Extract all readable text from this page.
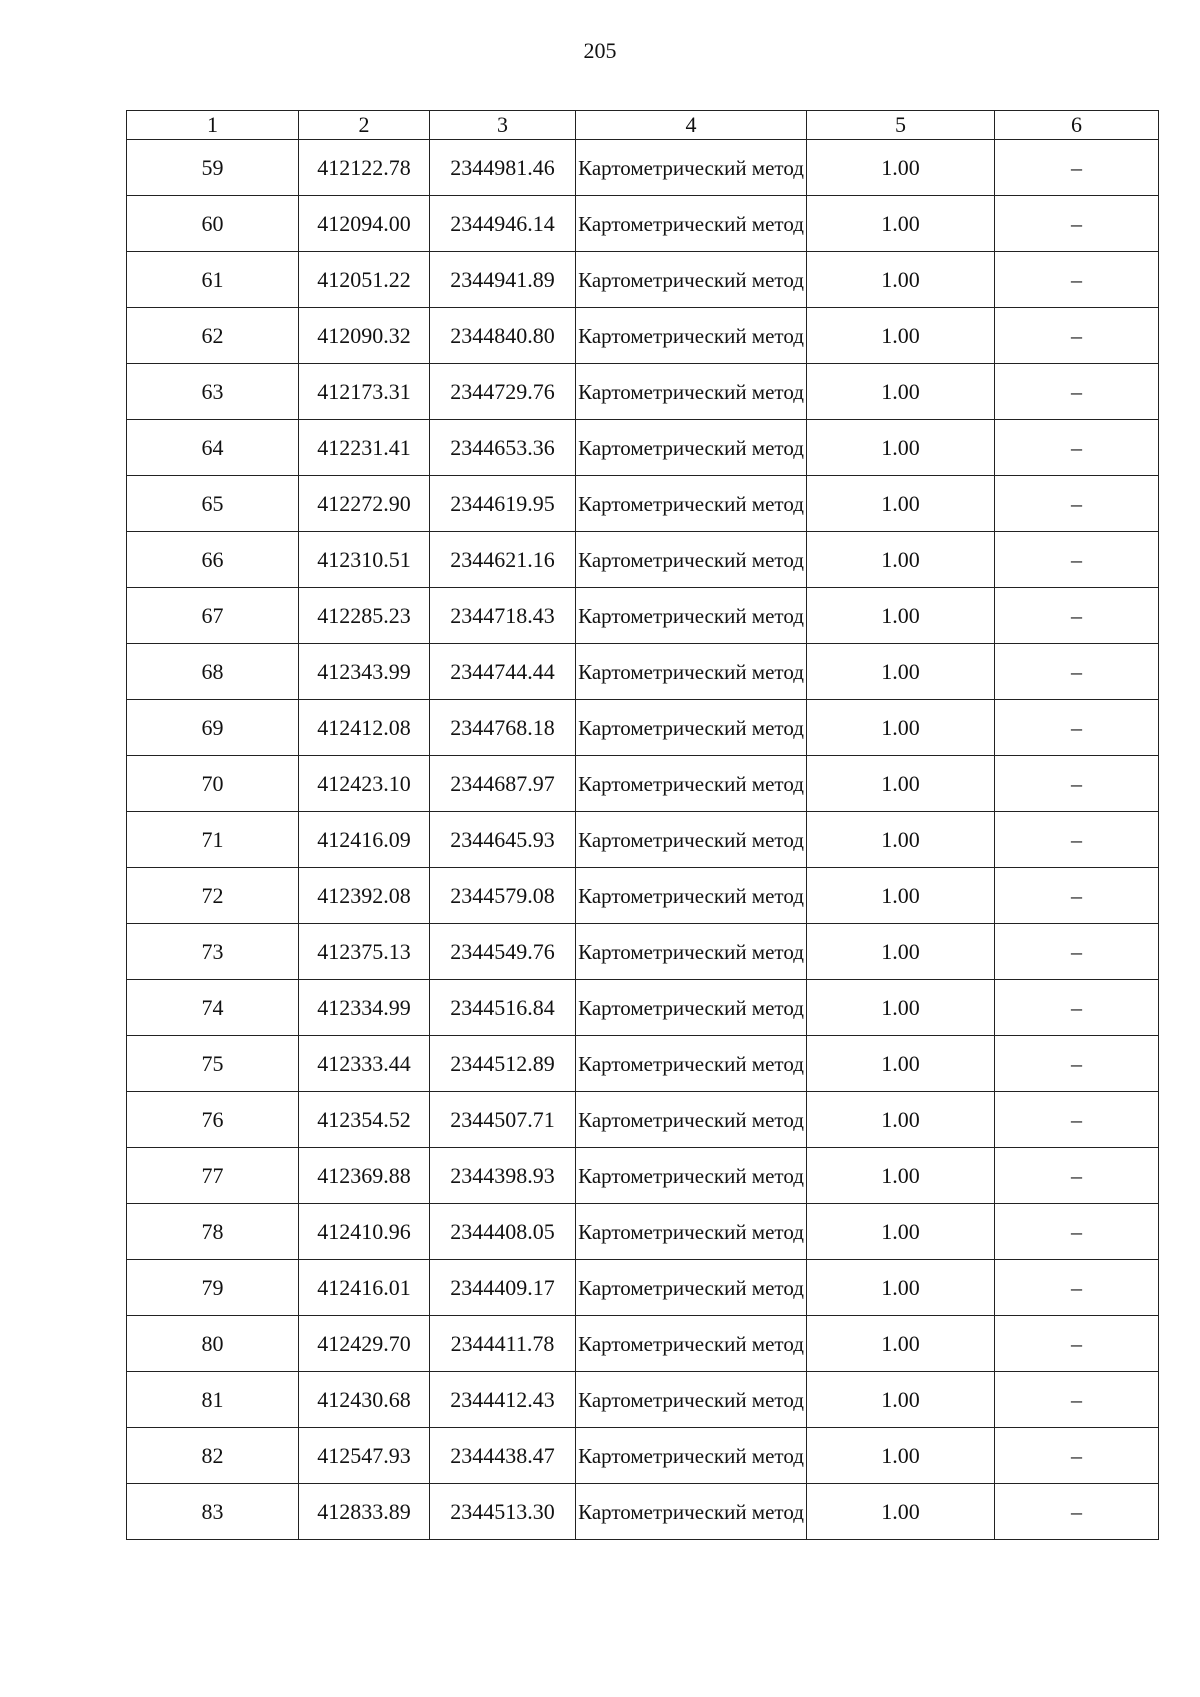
205
1	2	3	4	5	6
59	412122.78	2344981.46	Картометрический метод	1.00	–
60	412094.00	2344946.14	Картометрический метод	1.00	–
61	412051.22	2344941.89	Картометрический метод	1.00	–
62	412090.32	2344840.80	Картометрический метод	1.00	–
63	412173.31	2344729.76	Картометрический метод	1.00	–
64	412231.41	2344653.36	Картометрический метод	1.00	–
65	412272.90	2344619.95	Картометрический метод	1.00	–
66	412310.51	2344621.16	Картометрический метод	1.00	–
67	412285.23	2344718.43	Картометрический метод	1.00	–
68	412343.99	2344744.44	Картометрический метод	1.00	–
69	412412.08	2344768.18	Картометрический метод	1.00	–
70	412423.10	2344687.97	Картометрический метод	1.00	–
71	412416.09	2344645.93	Картометрический метод	1.00	–
72	412392.08	2344579.08	Картометрический метод	1.00	–
73	412375.13	2344549.76	Картометрический метод	1.00	–
74	412334.99	2344516.84	Картометрический метод	1.00	–
75	412333.44	2344512.89	Картометрический метод	1.00	–
76	412354.52	2344507.71	Картометрический метод	1.00	–
77	412369.88	2344398.93	Картометрический метод	1.00	–
78	412410.96	2344408.05	Картометрический метод	1.00	–
79	412416.01	2344409.17	Картометрический метод	1.00	–
80	412429.70	2344411.78	Картометрический метод	1.00	–
81	412430.68	2344412.43	Картометрический метод	1.00	–
82	412547.93	2344438.47	Картометрический метод	1.00	–
83	412833.89	2344513.30	Картометрический метод	1.00	–
